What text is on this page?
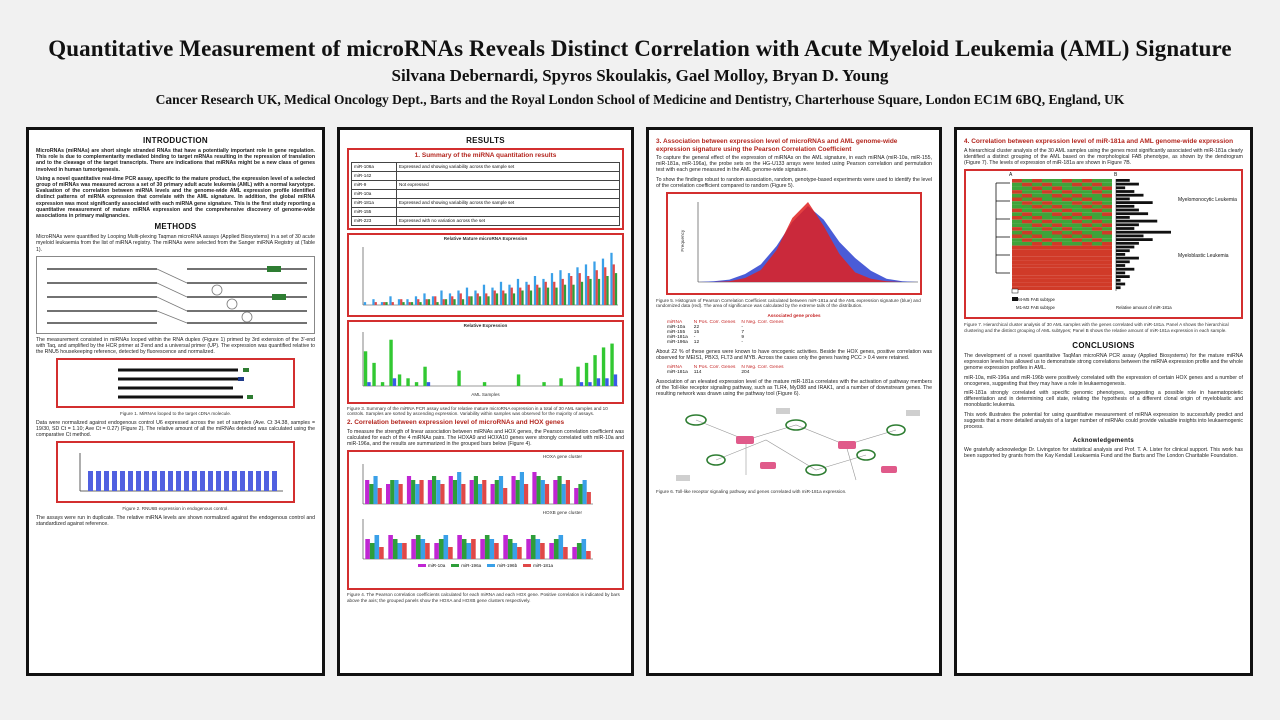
Quantitative Measurement of microRNAs Reveals Distinct Correlation with Acute Myeloid Leukemia (AML) Signature
Silvana Debernardi, Spyros Skoulakis, Gael Molloy, Bryan D. Young
Cancer Research UK, Medical Oncology Dept., Barts and the Royal London School of Medicine and Dentistry, Charterhouse Square, London EC1M 6BQ, England, UK
INTRODUCTION

MicroRNAs (miRNAs) are short single stranded RNAs that have a potentially important role in gene regulation. This role is due to complementarity mediated binding to target mRNAs resulting in the repression of translation and to the cleavage of the target transcripts. There are indications that miRNAs might be a new class of genes involved in human tumorigenesis.

Using a novel quantitative real-time PCR assay, specific to the mature product, the expression level of a selected group of miRNAs was measured across a set of 30 primary adult acute leukemia (AML) with a normal karyotype. Evaluation of the correlation between miRNA levels and the genome-wide AML expression profile identified distinct patterns of miRNA expression that correlate with the AML signature. In addition, the global miRNA expression was most significantly associated with each miRNA gene signature. This is the first study reporting a quantitative measurement of mature miRNA expression and the comprehensive discovery of genome-wide associations in primary malignancies.

METHODS

MicroRNAs were quantified by Looping Multi-plexing Taqman microRNA assays (Applied Biosystems) in a set of 30 acute myeloid leukaemia from the list of miRNA registry. The miRNAs were selected from the Sanger miRNA Registry at (Table 1).

The measurement consisted in miRNAs looped within the RNA duplex (Figure 1) primed by 3rd extension of the 3'-end with Taq, and amplified by the HCR primer at 3'end and a universal primer (UP). The expression was quantified relative to the RNU5 housekeeping reference, detected by fluorescence and normalized.

Figure 1. MiRNAs looped to the target cDNA molecule.

Data were normalized against endogenous control U6 expressed across the set of samples (Ave. Ct 34.38, samples = 19/30, SD Ct = 1.10; Ave Ct = 0.27) (Figure 2). The relative amount of all the miRNAs detected was calculated using the comparative Ct method.

Figure 2. RNU6B expression in endogenous control.

The assays were run in duplicate. The relative miRNA levels are shown normalized against the endogenous control and standardized against reference.

RESULTS
1. Summary of the miRNA quantitation results
miR-106a	Expressed and showing variability across the sample set
miR-142	
miR-9	Not expressed
miR-10a	
miR-181a	Expressed and showing variability across the sample set
miR-155	
miR-223	Expressed with no variation across the set
Relative Mature microRNA Expression
Relative Expression
AML Samples
Figure 3. Summary of the miRNA PCR assay used for relative mature microRNA expression in a total of 30 AML samples and 10 controls. Samples are sorted by ascending expression. Variability within samples was observed for the majority of assays.
2. Correlation between expression level of microRNAs and HOX genes

To measure the strength of linear association between miRNAs and HOX genes, the Pearson correlation coefficient was calculated for each of the 4 miRNAs pairs. The HOXA9 and HOXA10 genes were strongly correlated with miR-10a and miR-196a, and the results are summarized in the grouped bars below (Figure 4).

HOXA gene cluster
HOXB gene cluster
miR-10a	miR-196a	miR-196b	miR-181a
Figure 4. The Pearson correlation coefficients calculated for each miRNA and each HOX gene. Positive correlation is indicated by bars above the axis; the grouped panels show the HOXA and HOXB gene clusters respectively.
3. Association between expression level of microRNAs and AML genome-wide expression signature using the Pearson Correlation Coefficient

To capture the general effect of the expression of miRNAs on the AML signature, in each miRNA (miR-10a, miR-155, miR-181a, miR-196a), the probe sets on the HG-U133 arrays were tested using Pearson correlation and permutation test with each gene measured in the AML genome-wide signature.

To show the findings robust to random association, random, genotype-based experiments were used to identify the level of the correlation coefficient compared to random (Figure 5).

Frequency
Figure 5. Histogram of Pearson Correlation Coefficient calculated between miR-181a and the AML expression signature (blue) and randomized data (red). The area of significance was calculated by the extreme tails of the distribution.
Associated gene probes
miRNA	N Pos. Corr. Genes	N Neg. Corr. Genes
miR-10a	22	-
miR-155	15	7
miR-181a	-	9
miR-196a	12	-

About 22 % of these genes were known to have oncogenic activities. Beside the HOX genes, positive correlation was observed for MEIS1, PBX3, FLT3 and MYB. Across the cases only the genes having PCC > 0.4 were retained.

miRNA	N Pos. Corr. Genes	N Neg. Corr. Genes
miR-181a	114	204

Association of an elevated expression level of the mature miR-181a correlates with the activation of pathway members of the Toll-like receptor signaling pathway, such as TLR4, MyD88 and IRAK1, and a number of downstream genes. The resulting network was drawn using the pathway tool (Figure 6).

Figure 6. Toll-like receptor signaling pathway and genes correlated with miR-181a expression.
4. Correlation between expression level of miR-181a and AML genome-wide expression

A hierarchical cluster analysis of the 30 AML samples using the genes most significantly associated with miR-181a clearly identified a distinct grouping of the AML based on the morphological FAB phenotype, as shown by the dendrogram (Figure 7). The levels of expression of miR-181a are shown in Figure 7B.

A	B
Myelomonocytic Leukemia
Myeloblastic Leukemia
M4-M5 FAB subtype
M1-M2 FAB subtype	Relative amount of miR-181a
Figure 7. Hierarchical cluster analysis of 30 AML samples with the genes correlated with miR-181a. Panel A shows the hierarchical clustering and the distinct grouping of AML subtypes; Panel B shows the relative amount of miR-181a expression in each sample.
CONCLUSIONS

The development of a novel quantitative TaqMan microRNA PCR assay (Applied Biosystems) for the mature miRNA expression levels has allowed us to demonstrate strong correlations between the miRNA expression profile and the whole genome expression profiles in AML.

miR-10a, miR-196a and miR-196b were positively correlated with the expression of certain HOX genes and a number of oncogenes, suggesting that they may have a role in leukaemogenesis.

miR-181a strongly correlated with specific genomic phenotypes, suggesting a possible role in haematopoietic differentiation and in determining cell state, relating the hypothesis of a different clonal origin of myeloblastic and monoblastic leukemia.

This work illustrates the potential for using quantitative measurement of miRNA expression to successfully predict and suggests that a more detailed analysis of a larger number of miRNAs could provide valuable insights into leukaemogenic process.

Acknowledgements

We gratefully acknowledge Dr. Livingston for statistical analysis and Prof. T. A. Lister for clinical support. This work has been supported by grants from the Kay Kendall Leukaemia Fund and the Barts and The London Charitable Foundation.
